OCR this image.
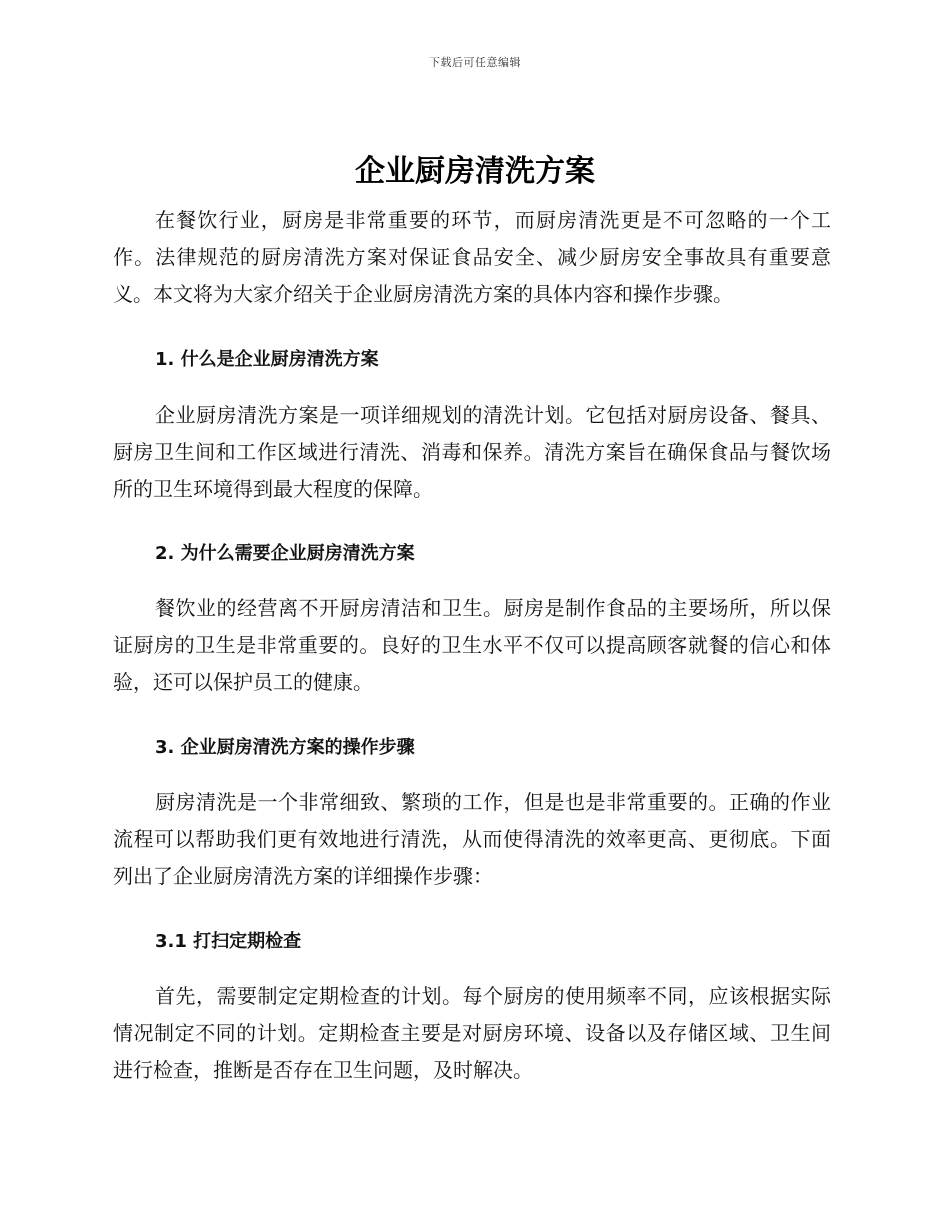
下载后可任意编辑
企业厨房清洗方案
在餐饮行业，厨房是非常重要的环节，而厨房清洗更是不可忽略的一个工作。法律规范的厨房清洗方案对保证食品安全、减少厨房安全事故具有重要意义。本文将为大家介绍关于企业厨房清洗方案的具体内容和操作步骤。
1. 什么是企业厨房清洗方案
企业厨房清洗方案是一项详细规划的清洗计划。它包括对厨房设备、餐具、厨房卫生间和工作区域进行清洗、消毒和保养。清洗方案旨在确保食品与餐饮场所的卫生环境得到最大程度的保障。
2. 为什么需要企业厨房清洗方案
餐饮业的经营离不开厨房清洁和卫生。厨房是制作食品的主要场所，所以保证厨房的卫生是非常重要的。良好的卫生水平不仅可以提高顾客就餐的信心和体验，还可以保护员工的健康。
3. 企业厨房清洗方案的操作步骤
厨房清洗是一个非常细致、繁琐的工作，但是也是非常重要的。正确的作业流程可以帮助我们更有效地进行清洗，从而使得清洗的效率更高、更彻底。下面列出了企业厨房清洗方案的详细操作步骤：
3.1 打扫定期检查
首先，需要制定定期检查的计划。每个厨房的使用频率不同，应该根据实际情况制定不同的计划。定期检查主要是对厨房环境、设备以及存储区域、卫生间进行检查，推断是否存在卫生问题，及时解决。
